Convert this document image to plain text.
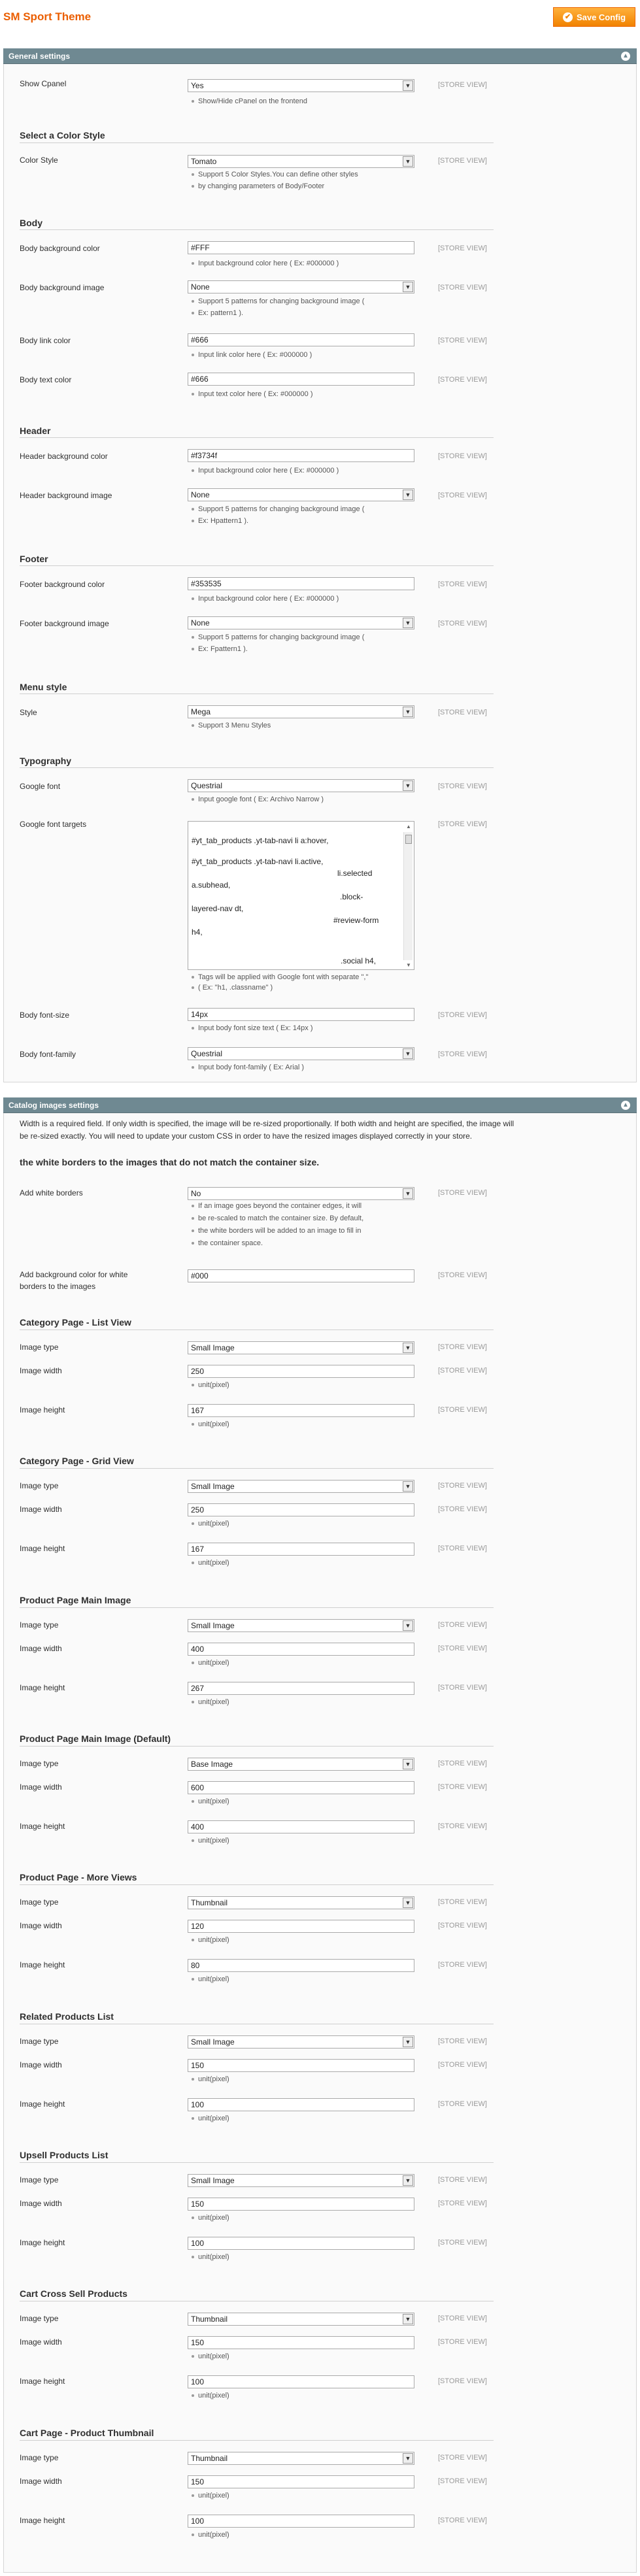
SM Sport Theme	✔ Save Config
General settings	▲
Show Cpanel	Yes	▼
Show/Hide cPanel on the frontend
[STORE VIEW]
Select a Color Style
Color Style	Tomato	▼
Support 5 Color Styles.You can define other styles
by changing parameters of Body/Footer
[STORE VIEW]
Body
Body background color	#FFF
Input background color here ( Ex: #000000 )
[STORE VIEW]
Body background image	None	▼
Support 5 patterns for changing background image (
Ex: pattern1 ).
[STORE VIEW]
Body link color	#666
Input link color here ( Ex: #000000 )
[STORE VIEW]
Body text color	#666
Input text color here ( Ex: #000000 )
[STORE VIEW]
Header
Header background color	#f3734f
Input background color here ( Ex: #000000 )
[STORE VIEW]
Header background image	None	▼
Support 5 patterns for changing background image (
Ex: Hpattern1 ).
[STORE VIEW]
Footer
Footer background color	#353535
Input background color here ( Ex: #000000 )
[STORE VIEW]
Footer background image	None	▼
Support 5 patterns for changing background image (
Ex: Fpattern1 ).
[STORE VIEW]
Menu style
Style	Mega	▼
Support 3 Menu Styles
[STORE VIEW]
Typography
Google font	Questrial	▼
Input google font ( Ex: Archivo Narrow )
[STORE VIEW]
Google font targets
#yt_tab_products .yt-tab-navi li a:hover,
#yt_tab_products .yt-tab-navi li.active,
li.selected
a.subhead,
.block-
layered-nav dt,
#review-form
h4,
.social h4,
▲
▼
Tags will be applied with Google font with separate ","
( Ex: "h1, .classname" )
[STORE VIEW]
Body font-size	14px
Input body font size text ( Ex: 14px )
[STORE VIEW]
Body font-family	Questrial	▼
Input body font-family ( Ex: Arial )
[STORE VIEW]
Catalog images settings	▲
Width is a required field. If only width is specified, the image will be re-sized proportionally. If both width and height are specified, the image will
be re-sized exactly. You will need to update your custom CSS in order to have the resized images displayed correctly in your store.
the white borders to the images that do not match the container size.
Add white borders	No	▼
If an image goes beyond the container edges, it will
be re-scaled to match the container size. By default,
the white borders will be added to an image to fill in
the container space.
[STORE VIEW]
Add background color for white
borders to the images
#000	[STORE VIEW]
Category Page - List View
Image type	Small Image	▼	[STORE VIEW]
Image width	250
unit(pixel)
[STORE VIEW]
Image height	167
unit(pixel)
[STORE VIEW]
Category Page - Grid View
Image type	Small Image	▼	[STORE VIEW]
Image width	250
unit(pixel)
[STORE VIEW]
Image height	167
unit(pixel)
[STORE VIEW]
Product Page Main Image
Image type	Small Image	▼	[STORE VIEW]
Image width	400
unit(pixel)
[STORE VIEW]
Image height	267
unit(pixel)
[STORE VIEW]
Product Page Main Image (Default)
Image type	Base Image	▼	[STORE VIEW]
Image width	600
unit(pixel)
[STORE VIEW]
Image height	400
unit(pixel)
[STORE VIEW]
Product Page - More Views
Image type	Thumbnail	▼	[STORE VIEW]
Image width	120
unit(pixel)
[STORE VIEW]
Image height	80
unit(pixel)
[STORE VIEW]
Related Products List
Image type	Small Image	▼	[STORE VIEW]
Image width	150
unit(pixel)
[STORE VIEW]
Image height	100
unit(pixel)
[STORE VIEW]
Upsell Products List
Image type	Small Image	▼	[STORE VIEW]
Image width	150
unit(pixel)
[STORE VIEW]
Image height	100
unit(pixel)
[STORE VIEW]
Cart Cross Sell Products
Image type	Thumbnail	▼	[STORE VIEW]
Image width	150
unit(pixel)
[STORE VIEW]
Image height	100
unit(pixel)
[STORE VIEW]
Cart Page - Product Thumbnail
Image type	Thumbnail	▼	[STORE VIEW]
Image width	150
unit(pixel)
[STORE VIEW]
Image height	100
unit(pixel)
[STORE VIEW]
